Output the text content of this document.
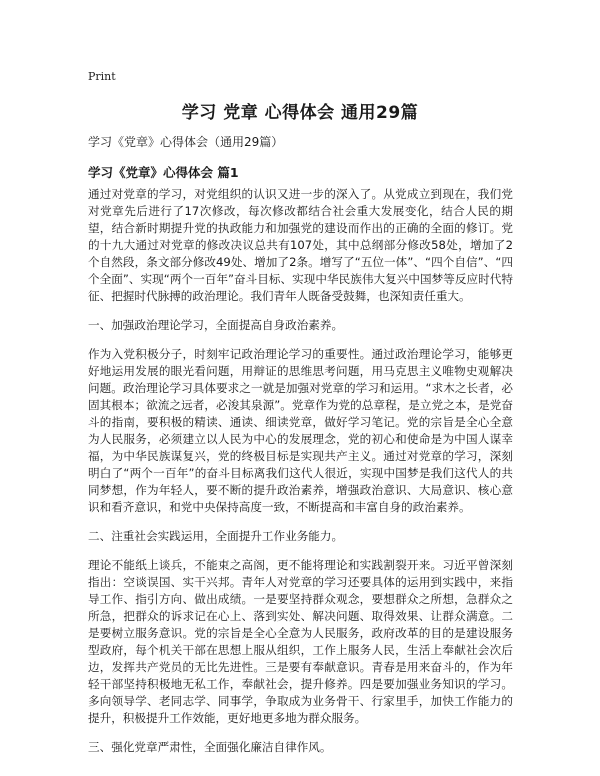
Print
学习 党章 心得体会 通用29篇
学习《党章》心得体会（通用29篇）
学习《党章》心得体会 篇1

通过对党章的学习，对党组织的认识又进一步的深入了。从党成立到现在，我们党对党章先后进行了17次修改，每次修改都结合社会重大发展变化，结合人民的期望，结合新时期提升党的执政能力和加强党的建设而作出的正确的全面的修订。党的十九大通过对党章的修改决议总共有107处，其中总纲部分修改58处，增加了2个自然段，条文部分修改49处、增加了2条。增写了“五位一体”、“四个自信”、“四个全面”、实现“两个一百年”奋斗目标、实现中华民族伟大复兴中国梦等反应时代特征、把握时代脉搏的政治理论。我们青年人既备受鼓舞，也深知责任重大。

一、加强政治理论学习，全面提高自身政治素养。

作为入党积极分子，时刻牢记政治理论学习的重要性。通过政治理论学习，能够更好地运用发展的眼光看问题，用辩证的思维思考问题，用马克思主义唯物史观解决问题。政治理论学习具体要求之一就是加强对党章的学习和运用。“求木之长者，必固其根本；欲流之远者，必浚其泉源”。党章作为党的总章程，是立党之本，是党奋斗的指南，要积极的精读、通读、细读党章，做好学习笔记。党的宗旨是全心全意为人民服务，必须建立以人民为中心的发展理念，党的初心和使命是为中国人谋幸福，为中华民族谋复兴，党的终极目标是实现共产主义。通过对党章的学习，深刻明白了“两个一百年”的奋斗目标离我们这代人很近，实现中国梦是我们这代人的共同梦想，作为年轻人，要不断的提升政治素养，增强政治意识、大局意识、核心意识和看齐意识，和党中央保持高度一致，不断提高和丰富自身的政治素养。

二、注重社会实践运用，全面提升工作业务能力。

理论不能纸上谈兵，不能束之高阁，更不能将理论和实践割裂开来。习近平曾深刻指出：空谈误国、实干兴邦。青年人对党章的学习还要具体的运用到实践中，来指导工作、指引方向、做出成绩。一是要坚持群众观念，要想群众之所想，急群众之所急，把群众的诉求记在心上、落到实处、解决问题、取得效果、让群众满意。二是要树立服务意识。党的宗旨是全心全意为人民服务，政府改革的目的是建设服务型政府，每个机关干部在思想上服从组织，工作上服务人民，生活上奉献社会次后边，发挥共产党员的无比先进性。三是要有奉献意识。青春是用来奋斗的，作为年轻干部坚持积极地无私工作，奉献社会，提升修养。四是要加强业务知识的学习。多向领导学、老同志学、同事学，争取成为业务骨干、行家里手，加快工作能力的提升，积极提升工作效能，更好地更多地为群众服务。

三、强化党章严肃性，全面强化廉洁自律作风。
